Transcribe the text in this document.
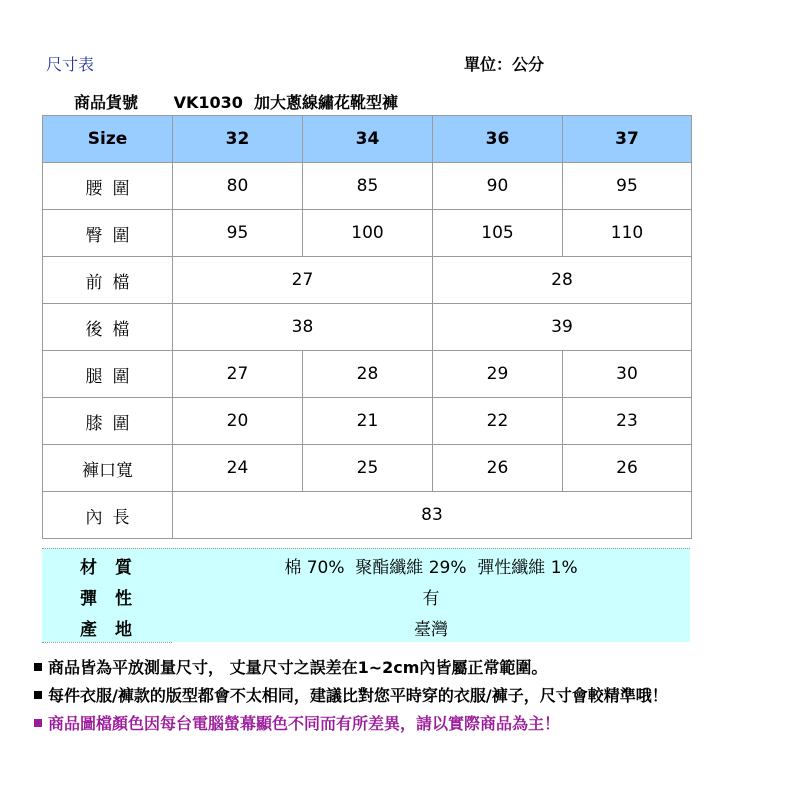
尺寸表	單位：公分
商品貨號 VK1030  加大蔥線繡花靴型褲
Size	32	34	36	37
腰圍	80	85	90	95
臀圍	95	100	105	110
前檔	27		28	
後檔	38		39	
腿圍	27	28	29	30
膝圍	20	21	22	23
褲口寬	24	25	26	26
內長	83			
材質	棉 70%  聚酯纖維 29%  彈性纖維 1%
彈性	有
產地	臺灣
商品皆為平放測量尺寸， 丈量尺寸之誤差在1~2cm內皆屬正常範圍。
每件衣服/褲款的版型都會不太相同，建議比對您平時穿的衣服/褲子，尺寸會較精準哦！
商品圖檔顏色因每台電腦螢幕顯色不同而有所差異，請以實際商品為主！
